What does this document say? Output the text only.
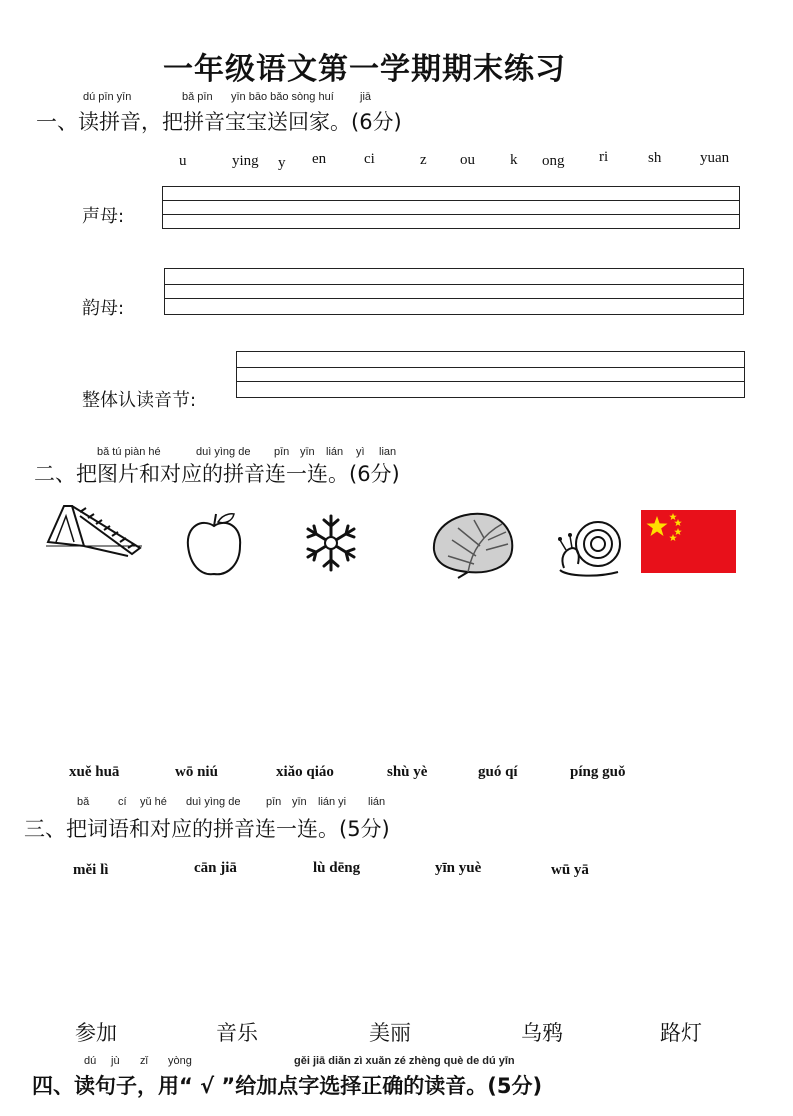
一年级语文第一学期期末练习
dú pīn yīn	bǎ pīn yīn bāo bǎo sòng huí jiā
一、读拼音，把拼音宝宝送回家。(6分)
u	ying y en	ci	z ou k ong ri	sh	yuan
声母:
韵母:
整体认读音节:
bǎ tú piàn hé	duì yìng de pīn yīn lián yì lian
二、把图片和对应的拼音连一连。(6分)
xuě huā	wō niú	xiǎo qiáo	shù yè	guó qí	píng guǒ
bǎ	cí yǔ hé duì yìng de pīn yīn lián yi lián
三、把词语和对应的拼音连一连。(5分)
měi lì	cān jiā	lù dēng	yīn yuè	wū yā
参加	音乐	美丽	乌鸦	路灯
dú jù zǐ yòng	gěi jiā diǎn zì xuǎn zé zhèng què de dú yīn
四、读句子，用“ √ ”给加点字选择正确的读音。(5分)
